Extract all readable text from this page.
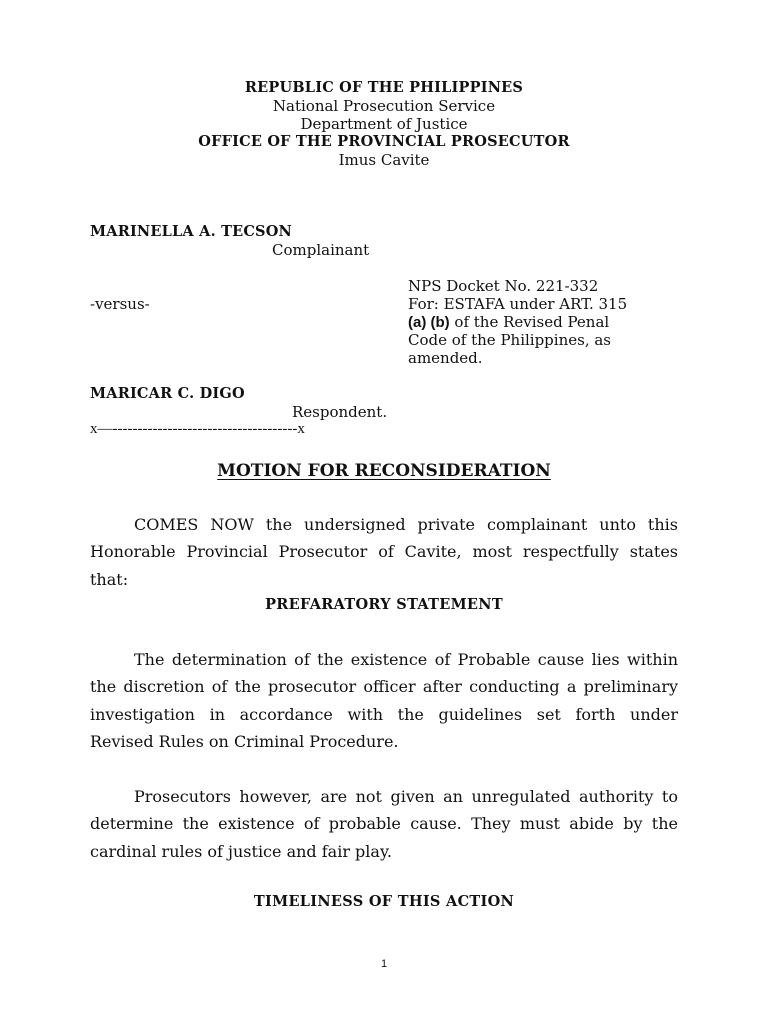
REPUBLIC OF THE PHILIPPINES
National Prosecution Service
Department of Justice
OFFICE OF THE PROVINCIAL PROSECUTOR
Imus Cavite
MARINELLA A. TECSON
Complainant
NPS Docket No. 221-332
-versus-	For: ESTAFA under ART. 315
(a) (b) of the Revised Penal
Code of the Philippines, as
amended.
MARICAR C. DIGO
Respondent.
x—-------------------------------------x
MOTION FOR RECONSIDERATION
COMES NOW the undersigned private complainant unto this
Honorable Provincial Prosecutor of Cavite, most respectfully states
that:
PREFARATORY STATEMENT
The determination of the existence of Probable cause lies within
the discretion of the prosecutor officer after conducting a preliminary
investigation in accordance with the guidelines set forth under
Revised Rules on Criminal Procedure.
Prosecutors however, are not given an unregulated authority to
determine the existence of probable cause. They must abide by the
cardinal rules of justice and fair play.
TIMELINESS OF THIS ACTION
1
